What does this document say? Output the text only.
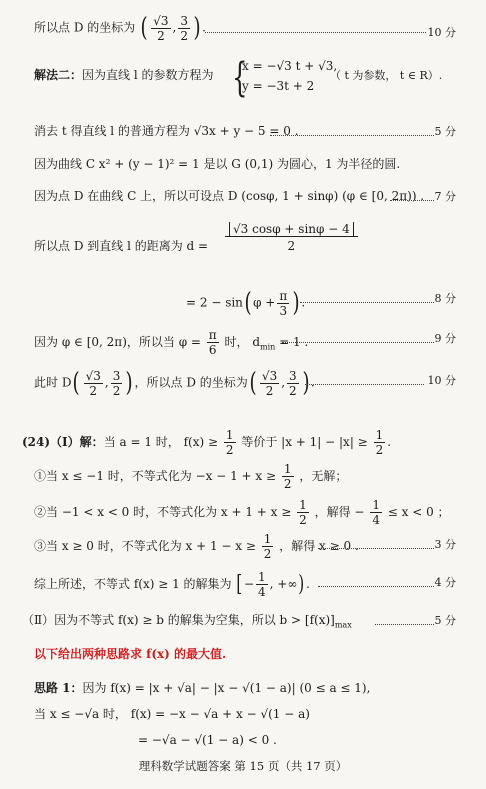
所以点 D 的坐标为 ( $\frac{√3}{2}$ , $\frac{3}{2}$ ) .	10 分
解法二：因为直线 l 的参数方程为 {
x = −√3 t + √3,
y = −3t + 2
（ t 为参数， t ∈ R）.
消去 t 得直线 l 的普通方程为 √3x + y − 5 = 0 .	5 分
因为曲线 C x² + (y − 1)² = 1 是以 G (0,1) 为圆心，1 为半径的圆.
因为点 D 在曲线 C 上，所以可设点 D (cosφ, 1 + sinφ) (φ ∈ [0, 2π)) . 7 分
所以点 D 到直线 l 的距离为 d =
√3 cosφ + sinφ − 4
2
= 2 − sin( $\varphi + \frac{\pi}{3}$ ) .	8 分
因为 φ ∈ [0, 2π)，所以当 $\varphi = \frac{\pi}{6}$ 时， $d_{min} = 1$ .	9 分
此时 $D( \frac{√3}{2}$ , $\frac{3}{2}$ ) ，所以点 D 的坐标为( $\frac{√3}{2}$ , $\frac{3}{2}$ ) .	10 分
(24)（Ⅰ）解：当 a = 1 时， $f(x) \ge \frac{1}{2}$ 等价于 $|x + 1| - |x| \ge \frac{1}{2}$ .
①当 x ≤ −1 时，不等式化为 $-x - 1 + x \ge \frac{1}{2}$ ，无解；
②当 −1 < x < 0 时，不等式化为 $x + 1 + x \ge \frac{1}{2}$ ，解得 − $\frac{1}{4} \le x < 0$ ；
③当 x ≥ 0 时，不等式化为 $x + 1 - x \ge \frac{1}{2}$ ，解得 x ≥ 0 .	3 分
综上所述，不等式 f(x) ≥ 1 的解集为 [− $\frac{1}{4}$ , +∞).	4 分
（Ⅱ）因为不等式 f(x) ≥ b 的解集为空集，所以 $b > [f(x)]_{max}$	5 分
以下给出两种思路求 f(x) 的最大值.
思路 1：因为 f(x) = |x + √a| − |x − √(1 − a)| (0 ≤ a ≤ 1),
当 x ≤ −√a 时， f(x) = −x − √a + x − √(1 − a)
= −√a − √(1 − a) < 0 .
理科数学试题答案 第 15 页（共 17 页）
